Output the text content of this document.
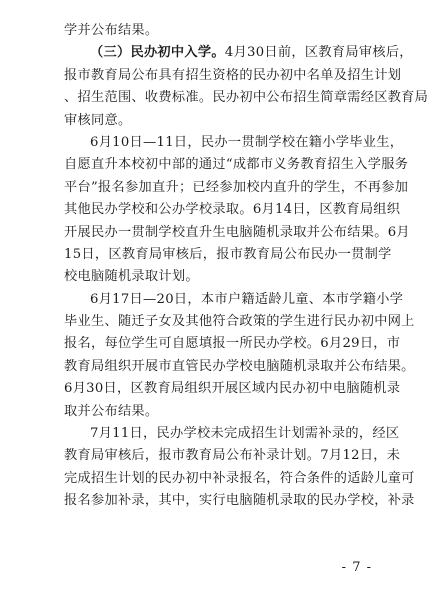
学并公布结果。
（三）民办初中入学。4月30日前，区教育局审核后，
报市教育局公布具有招生资格的民办初中名单及招生计划
、招生范围、收费标准。民办初中公布招生简章需经区教育局
审核同意。
6月10日—11日，民办一贯制学校在籍小学毕业生，
自愿直升本校初中部的通过“成都市义务教育招生入学服务
平台”报名参加直升；已经参加校内直升的学生，不再参加
其他民办学校和公办学校录取。6月14日，区教育局组织
开展民办一贯制学校直升生电脑随机录取并公布结果。6月
15日，区教育局审核后，报市教育局公布民办一贯制学
校电脑随机录取计划。
6月17日—20日，本市户籍适龄儿童、本市学籍小学
毕业生、随迁子女及其他符合政策的学生进行民办初中网上
报名，每位学生可自愿填报一所民办学校。6月29日，市
教育局组织开展市直管民办学校电脑随机录取并公布结果。
6月30日，区教育局组织开展区域内民办初中电脑随机录
取并公布结果。
7月11日，民办学校未完成招生计划需补录的，经区
教育局审核后，报市教育局公布补录计划。7月12日，未
完成招生计划的民办初中补录报名，符合条件的适龄儿童可
报名参加补录，其中，实行电脑随机录取的民办学校，补录
- 7 -
